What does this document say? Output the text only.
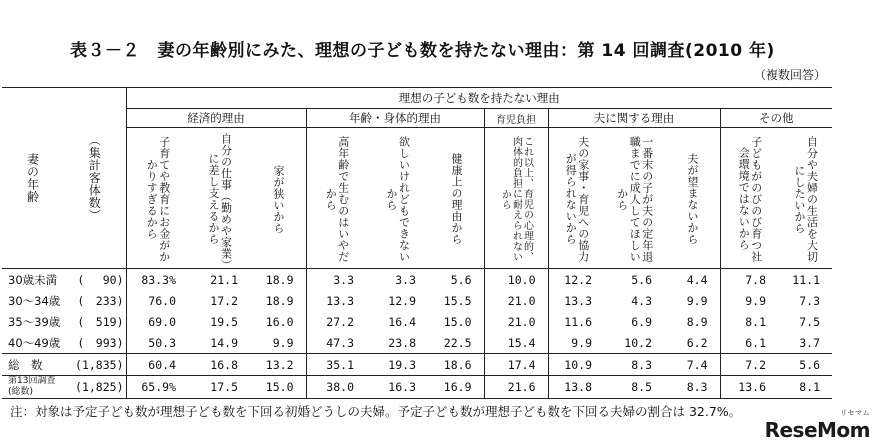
表３－２　妻の年齢別にみた、理想の子ども数を持たない理由：第 14 回調査(2010 年)
（複数回答）
妻の年齢	（集計客体数）	理想の子ども数を持たない理由											
		経済的理由			年齢・身体的理由			育児負担	夫に関する理由			その他	

		子育てや教育にお金がかかりすぎるから	自分の仕事（勤めや家業）に差し支えるから	家が狭いから	高年齢で生むのはいやだから	欲しいけれどもできないから	健康上の理由から	これ以上、育児の心理的、肉体的負担に耐えられないから	夫の家事・育児への協力が得られないから	一番末の子が夫の定年退職までに成人してほしいから	夫が望まないから	子どもがのびのび育つ社会環境ではないから	自分や夫婦の生活を大切にしたいから

30歳未満	(　 90)	83.3%	21.1	18.9	3.3	3.3	5.6	10.0	12.2	5.6	4.4	7.8	11.1
30～34歳	(　233)	76.0	17.2	18.9	13.3	12.9	15.5	21.0	13.3	4.3	9.9	9.9	7.3
35～39歳	(　519)	69.0	19.5	16.0	27.2	16.4	15.0	21.0	11.6	6.9	8.9	8.1	7.5
40～49歳	(　993)	50.3	14.9	9.9	47.3	23.8	22.5	15.4	9.9	10.2	6.2	6.1	3.7
総　数	(1,835)	60.4	16.8	13.2	35.1	19.3	18.6	17.4	10.9	8.3	7.4	7.2	5.6
第13回調査(総数)	(1,825)	65.9%	17.5	15.0	38.0	16.3	16.9	21.6	13.8	8.5	8.3	13.6	8.1
注：対象は予定子ども数が理想子ども数を下回る初婚どうしの夫婦。予定子ども数が理想子ども数を下回る夫婦の割合は 32.7%。	リセマム
ReseMom
